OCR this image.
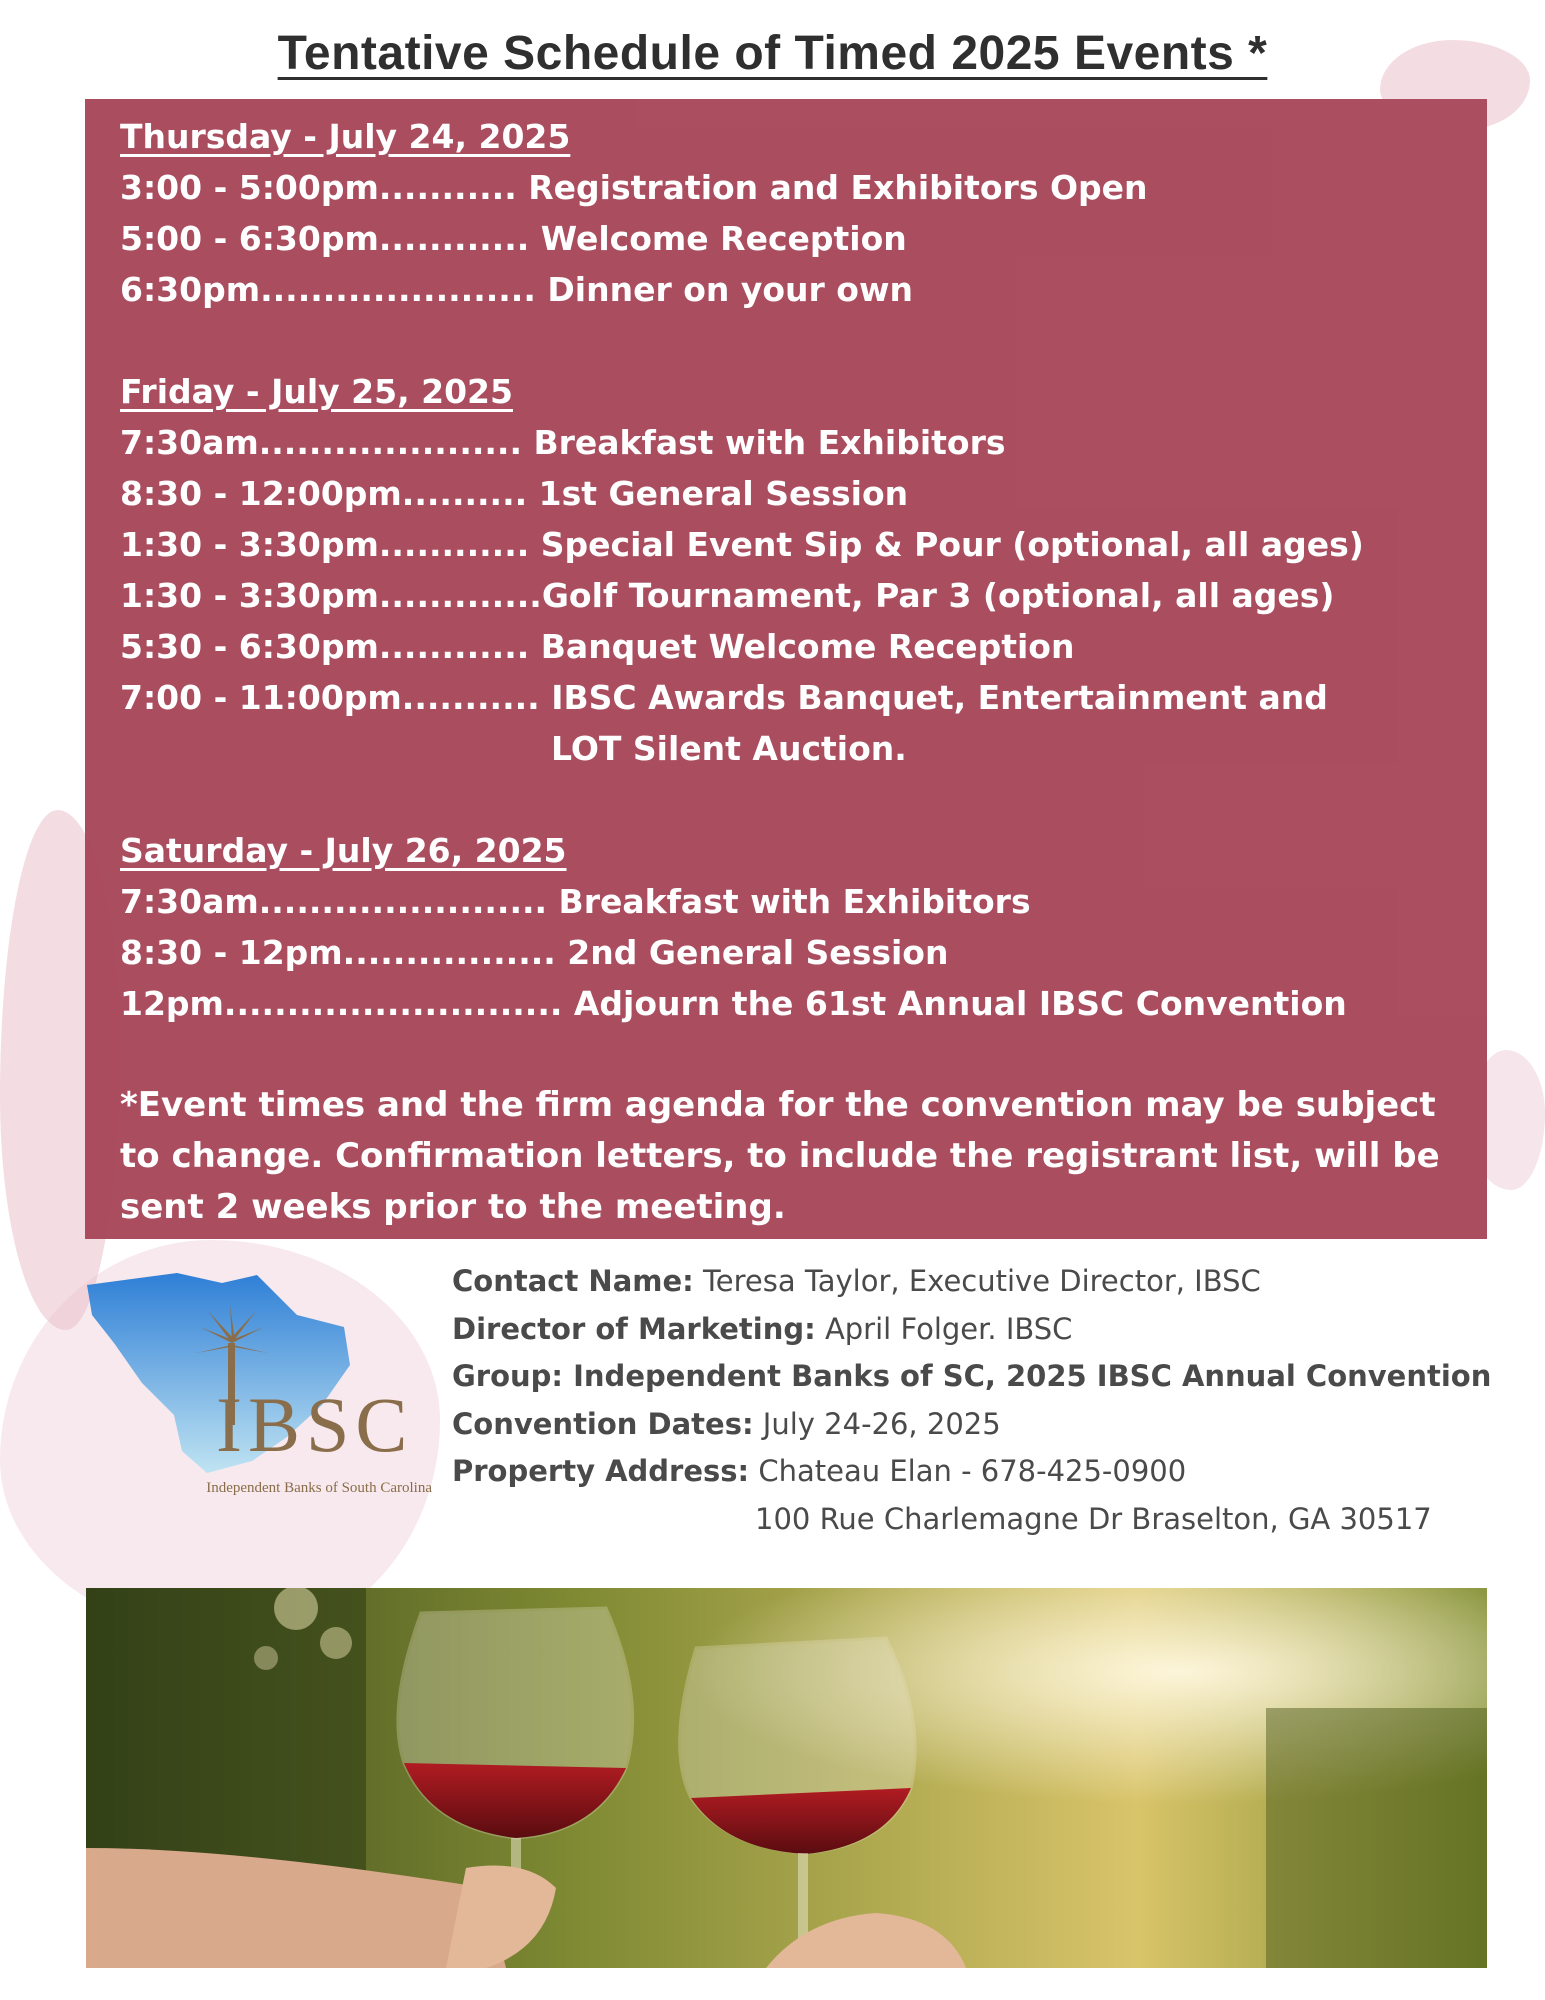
Tentative Schedule of Timed 2025 Events *
Thursday - July 24, 2025
3:00 - 5:00pm........... Registration and Exhibitors Open
5:00 - 6:30pm............ Welcome Reception
6:30pm...................... Dinner on your own
Friday - July 25, 2025
7:30am..................... Breakfast with Exhibitors
8:30 - 12:00pm.......... 1st General Session
1:30 - 3:30pm............ Special Event Sip & Pour (optional, all ages)
1:30 - 3:30pm.............Golf Tournament, Par 3 (optional, all ages)
5:30 - 6:30pm............ Banquet Welcome Reception
7:00 - 11:00pm........... IBSC Awards Banquet, Entertainment and
LOT Silent Auction.
Saturday - July 26, 2025
7:30am....................... Breakfast with Exhibitors
8:30 - 12pm................. 2nd General Session
12pm........................... Adjourn the 61st Annual IBSC Convention
*Event times and the firm agenda for the convention may be subject to change. Confirmation letters, to include the registrant list, will be sent 2 weeks prior to the meeting.
IBSC
Independent Banks of South Carolina
Contact Name: Teresa Taylor, Executive Director, IBSC
Director of Marketing: April Folger. IBSC
Group: Independent Banks of SC, 2025 IBSC Annual Convention
Convention Dates: July 24-26, 2025
Property Address: Chateau Elan - 678-425-0900
100 Rue Charlemagne Dr Braselton, GA 30517
